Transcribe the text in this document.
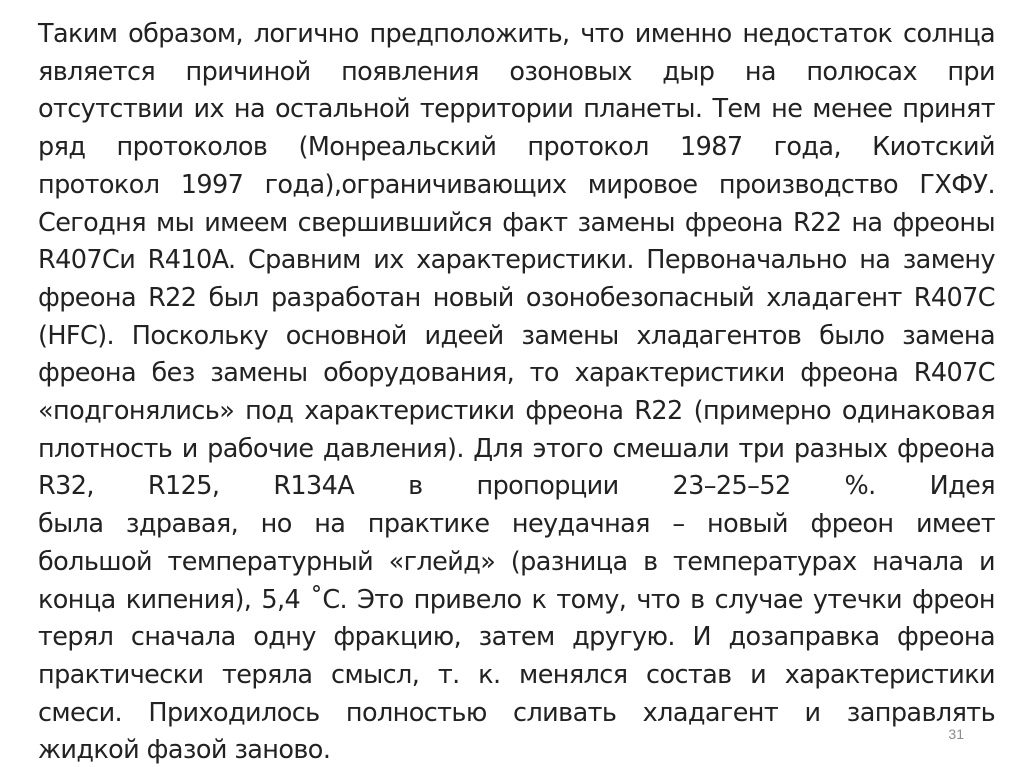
Таким образом, логично предположить, что именно недостаток солнца
является причиной появления озоновых дыр на полюсах при
отсутствии их на остальной территории планеты. Тем не менее принят
ряд протоколов (Монреальский протокол 1987 года, Киотский
протокол 1997 года),ограничивающих мировое производство ГХФУ.
Сегодня мы имеем свершившийся факт замены фреона R22 на фреоны
R407Cи R410A. Сравним их характеристики. Первоначально на замену
фреона R22 был разработан новый озонобезопасный хладагент R407C
(HFC). Поскольку основной идеей замены хладагентов было замена
фреона без замены оборудования, то характеристики фреона R407C
«подгонялись» под характеристики фреона R22 (примерно одинаковая
плотность и рабочие давления). Для этого смешали три разных фреона
R32, R125, R134A в пропорции 23–25–52 %. Идея
была здравая, но на практике неудачная – новый фреон имеет
большой температурный «глейд» (разница в температурах начала и
конца кипения), 5,4 ˚С. Это привело к тому, что в случае утечки фреон
терял сначала одну фракцию, затем другую. И дозаправка фреона
практически теряла смысл, т. к. менялся состав и характеристики
смеси. Приходилось полностью сливать хладагент и заправлять
жидкой фазой заново.
31
